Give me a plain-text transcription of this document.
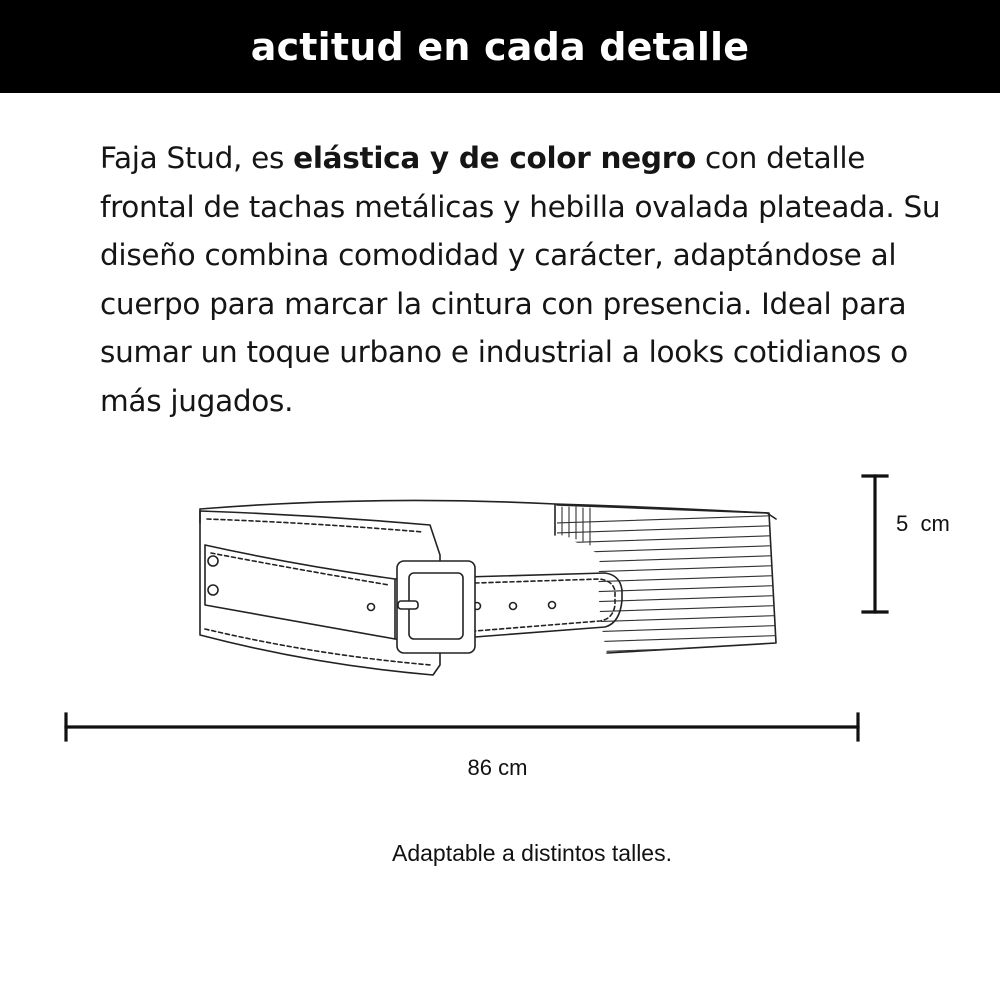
actitud en cada detalle

Faja Stud, es elástica y de color negro con detalle frontal de tachas metálicas y hebilla ovalada plateada. Su diseño combina comodidad y carácter, adaptándose al cuerpo para marcar la cintura con presencia. Ideal para sumar un toque urbano e industrial a looks cotidianos o más jugados.

5  cm
86 cm
Adaptable a distintos talles.
